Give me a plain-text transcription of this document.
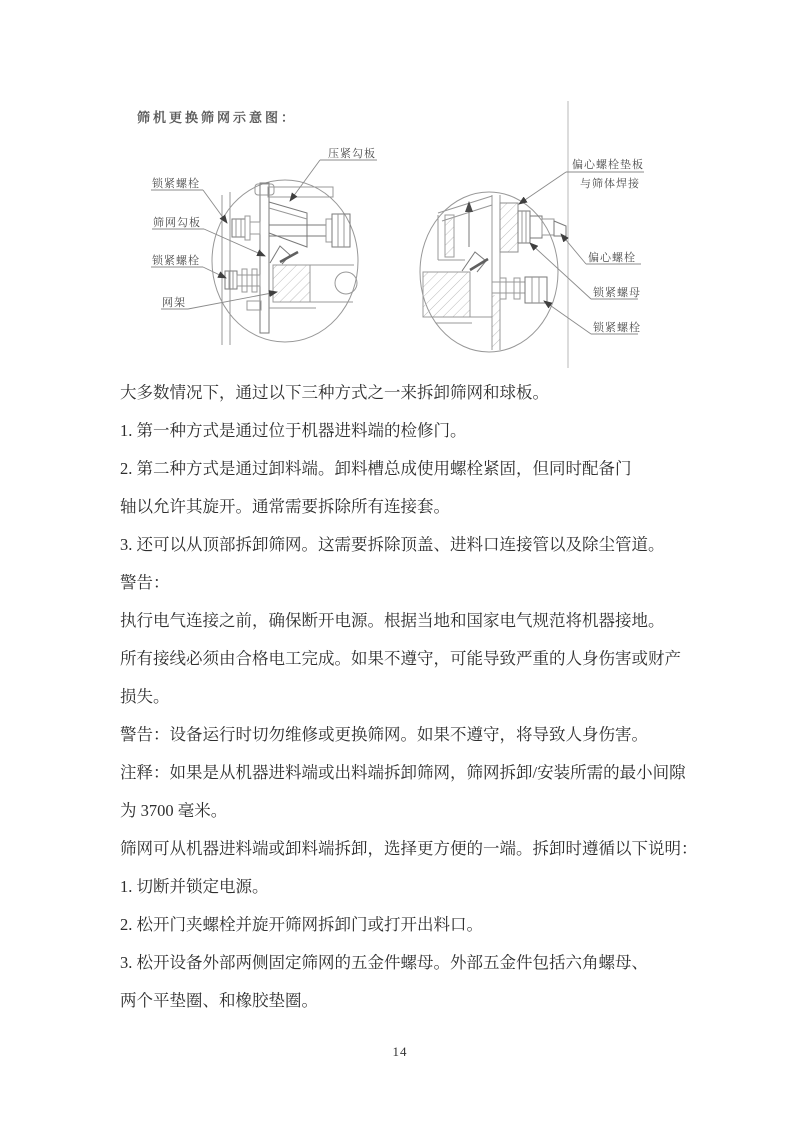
筛机更换筛网示意图：
压紧勾板
锁紧螺栓
筛网勾板
锁紧螺栓
网架
偏心螺栓垫板
与筛体焊接
偏心螺栓
锁紧螺母
锁紧螺栓

大多数情况下，通过以下三种方式之一来拆卸筛网和球板。

1. 第一种方式是通过位于机器进料端的检修门。

2. 第二种方式是通过卸料端。卸料槽总成使用螺栓紧固，但同时配备门

轴以允许其旋开。通常需要拆除所有连接套。

3. 还可以从顶部拆卸筛网。这需要拆除顶盖、进料口连接管以及除尘管道。

警告：

执行电气连接之前，确保断开电源。根据当地和国家电气规范将机器接地。

所有接线必须由合格电工完成。如果不遵守，可能导致严重的人身伤害或财产

损失。

警告：设备运行时切勿维修或更换筛网。如果不遵守，将导致人身伤害。

注释：如果是从机器进料端或出料端拆卸筛网，筛网拆卸/安装所需的最小间隙

为 3700 毫米。

筛网可从机器进料端或卸料端拆卸，选择更方便的一端。拆卸时遵循以下说明：

1. 切断并锁定电源。

2. 松开门夹螺栓并旋开筛网拆卸门或打开出料口。

3. 松开设备外部两侧固定筛网的五金件螺母。外部五金件包括六角螺母、

两个平垫圈、和橡胶垫圈。

14
